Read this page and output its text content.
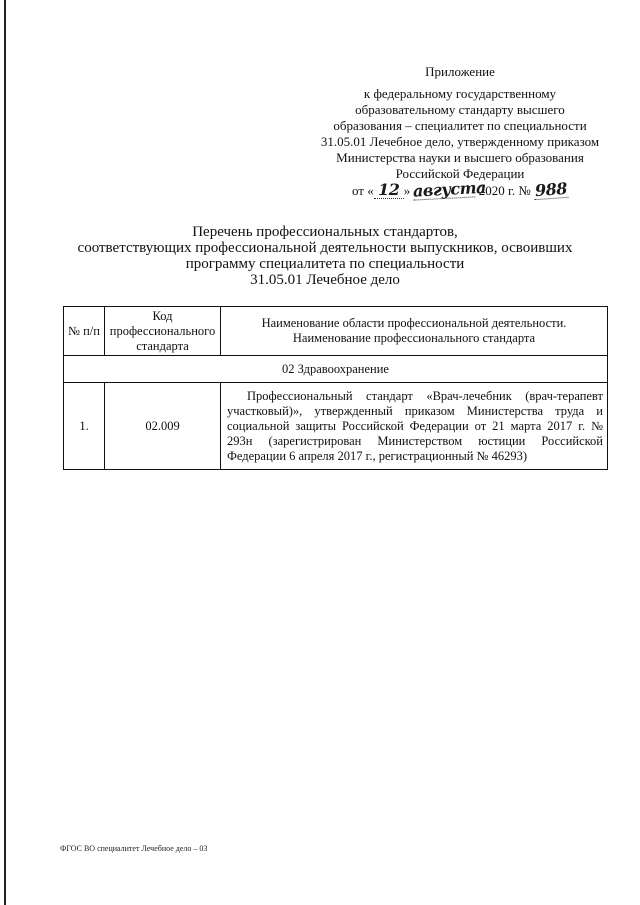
Приложение
к федеральному государственному
образовательному стандарту высшего
образования – специалитет по специальности
31.05.01 Лечебное дело, утвержденному приказом
Министерства науки и высшего образования
Российской Федерации
от « 12 » августа 2020 г. № 988
Перечень профессиональных стандартов,
соответствующих профессиональной деятельности выпускников, освоивших
программу специалитета по специальности
31.05.01 Лечебное дело
№ п/п	Код профессионального стандарта	Наименование области профессиональной деятельности.
Наименование профессионального стандарта

02 Здравоохранение		
1.	02.009	Профессиональный стандарт «Врач-лечебник (врач-терапевт участковый)», утвержденный приказом Министерства труда и социальной защиты Российской Федерации от 21 марта 2017 г. № 293н (зарегистрирован Министерством юстиции Российской Федерации 6 апреля 2017 г., регистрационный № 46293)
ФГОС ВО специалитет Лечебное дело – 03
